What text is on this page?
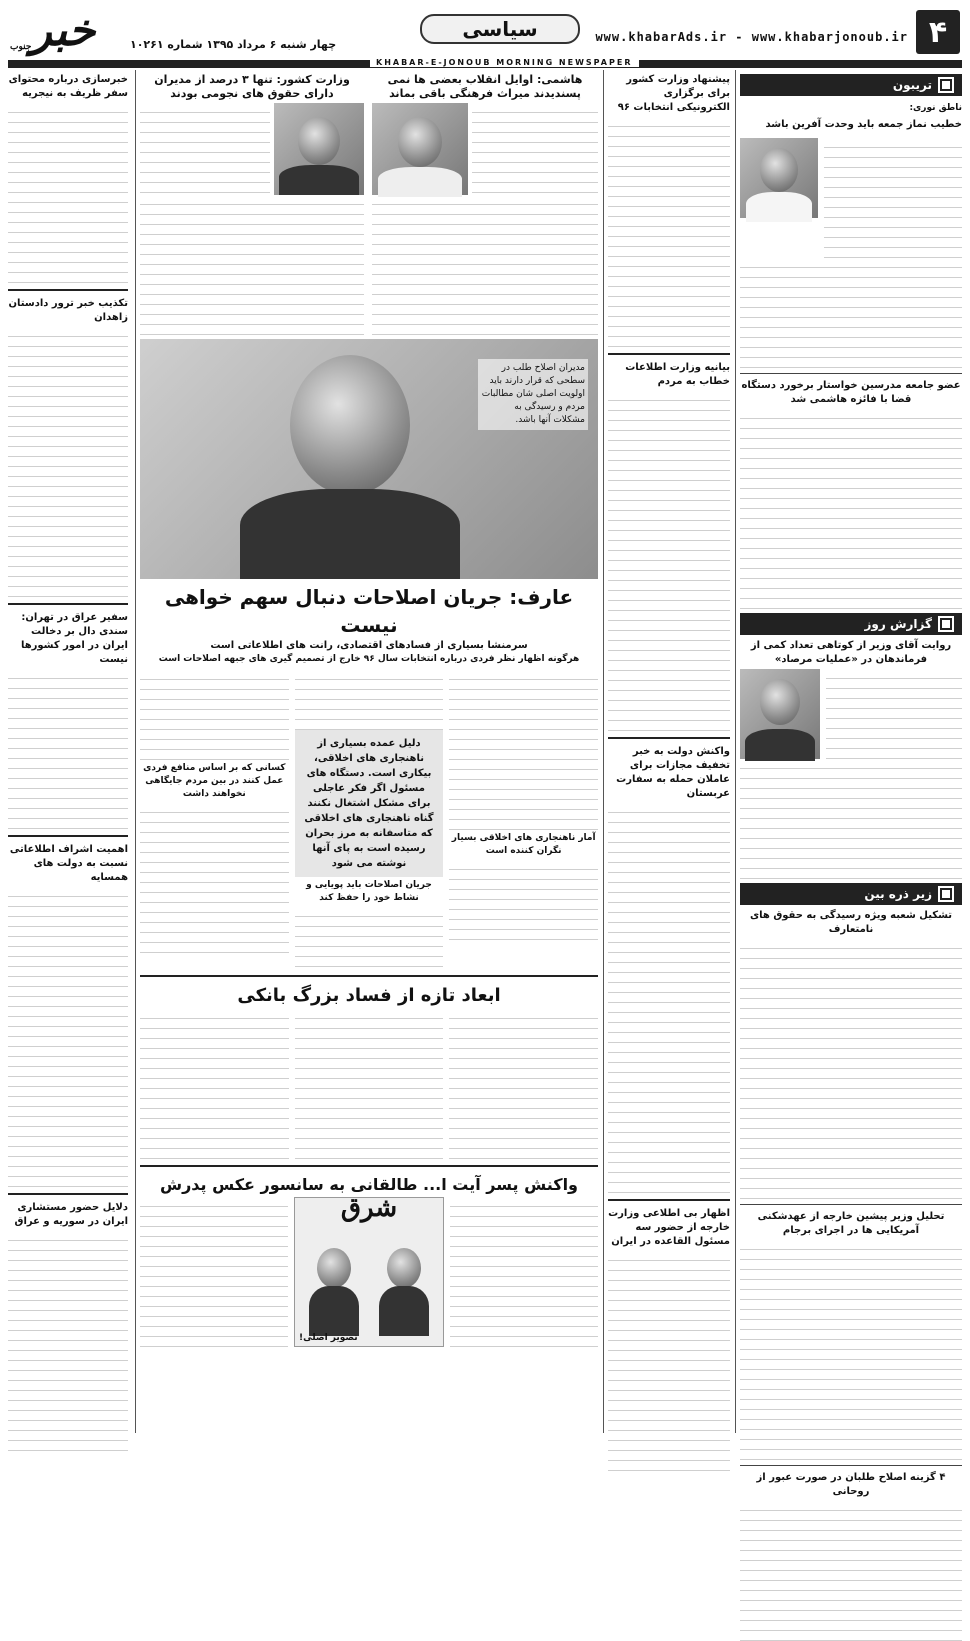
۴
www.khabarAds.ir - www.khabarjonoub.ir
سیاسی
چهار شنبه ۶ مرداد ۱۳۹۵ شماره ۱۰۲۶۱
خبر
جنوب
KHABAR-E-JONOUB MORNING NEWSPAPER
تریبون
ناطق نوری:
خطیب نماز جمعه باید وحدت آفرین باشد
عضو جامعه مدرسین خواستار برخورد دستگاه قضا با فائزه هاشمی شد
گزارش روز
روایت آقای وزیر از کوتاهی تعداد کمی از فرماندهان در «عملیات مرصاد»
زیر ذره بین
تشکیل شعبه ویژه رسیدگی به حقوق های نامتعارف
تحلیل وزیر پیشین خارجه از عهدشکنی آمریکایی ها در اجرای برجام
۴ گزینه اصلاح طلبان در صورت عبور از روحانی
پیشنهاد وزارت کشور برای برگزاری الکترونیکی انتخابات ۹۶
بیانیه وزارت اطلاعات خطاب به مردم
واکنش دولت به خبر تخفیف مجازات برای عاملان حمله به سفارت عربستان
اظهار بی اطلاعی وزارت خارجه از حضور سه مسئول القاعده در ایران
هاشمی: اوایل انقلاب بعضی ها نمی پسندیدند میراث فرهنگی باقی بماند
وزارت کشور: تنها ۳ درصد از مدیران دارای حقوق های نجومی بودند
مدیران اصلاح طلب در سطحی که قرار دارند باید اولویت اصلی شان مطالبات مردم و رسیدگی به مشکلات آنها باشد.
عارف: جریان اصلاحات دنبال سهم خواهی نیست
سرمنشا بسیاری از فسادهای اقتصادی، رانت های اطلاعاتی است
هرگونه اظهار نظر فردی درباره انتخابات سال ۹۶ خارج از تصمیم گیری های جبهه اصلاحات است
آمار ناهنجاری های اخلاقی بسیار نگران کننده است
دلیل عمده بسیاری از ناهنجاری های اخلاقی، بیکاری است. دستگاه های مسئول اگر فکر عاجلی برای مشکل اشتغال نکنند گناه ناهنجاری های اخلاقی که متاسفانه به مرز بحران رسیده است به پای آنها نوشته می شود
جریان اصلاحات باید پویایی و نشاط خود را حفظ کند
کسانی که بر اساس منافع فردی عمل کنند در بین مردم جایگاهی نخواهند داشت
ابعاد تازه از فساد بزرگ بانکی
واکنش پسر آیت ا... طالقانی به سانسور عکس پدرش
شرق
تصویر اصلی!
خبرسازی درباره محتوای سفر ظریف به نیجریه
تکذیب خبر ترور دادستان زاهدان
سفیر عراق در تهران: سندی دال بر دخالت ایران در امور کشورها نیست
اهمیت اشراف اطلاعاتی نسبت به دولت های همسایه
دلایل حضور مستشاری ایران در سوریه و عراق
